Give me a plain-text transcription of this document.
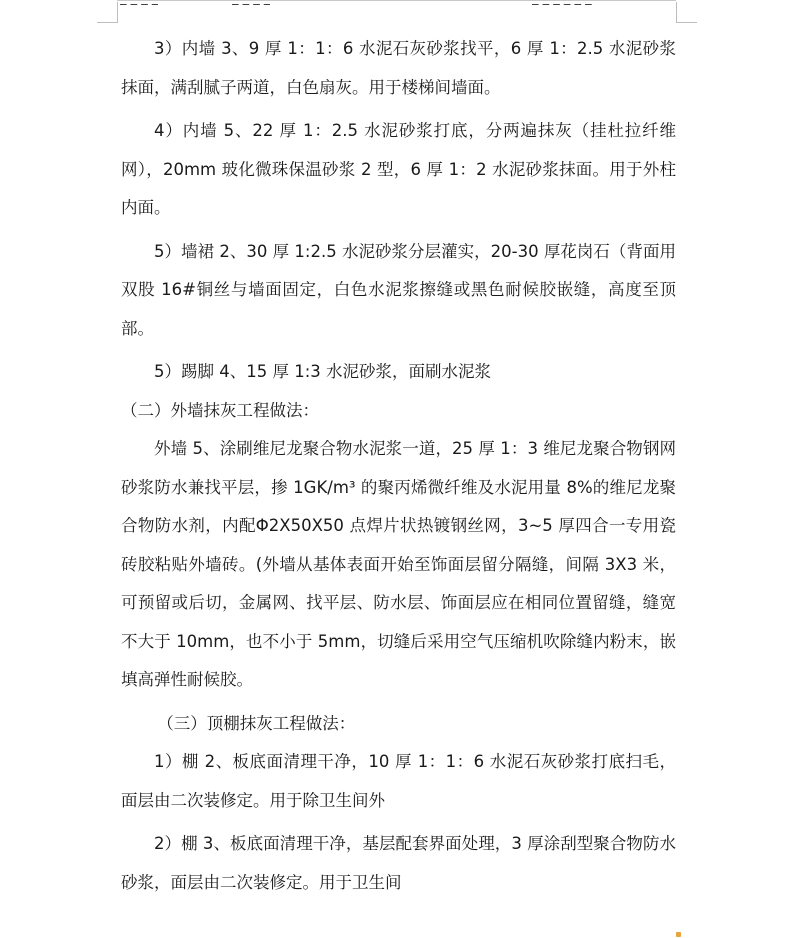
3）内墙 3、9 厚 1：1：6 水泥石灰砂浆找平，6 厚 1：2.5 水泥砂浆抹面，满刮腻子两道，白色扇灰。用于楼梯间墙面。

4）内墙 5、22 厚 1：2.5 水泥砂浆打底，分两遍抹灰（挂杜拉纤维网），20mm 玻化微珠保温砂浆 2 型，6 厚 1：2 水泥砂浆抹面。用于外柱内面。

5）墙裙 2、30 厚 1:2.5 水泥砂浆分层灌实，20-30 厚花岗石（背面用双股 16#铜丝与墙面固定，白色水泥浆擦缝或黑色耐候胶嵌缝，高度至顶部。

5）踢脚 4、15 厚 1:3 水泥砂浆，面刷水泥浆

（二）外墙抹灰工程做法：

外墙 5、涂刷维尼龙聚合物水泥浆一道，25 厚 1：3 维尼龙聚合物钢网砂浆防水兼找平层，掺 1GK/m³ 的聚丙烯微纤维及水泥用量 8%的维尼龙聚合物防水剂，内配Φ2X50X50 点焊片状热镀钢丝网，3~5 厚四合一专用瓷砖胶粘贴外墙砖。(外墙从基体表面开始至饰面层留分隔缝，间隔 3X3 米，可预留或后切，金属网、找平层、防水层、饰面层应在相同位置留缝，缝宽不大于 10mm，也不小于 5mm，切缝后采用空气压缩机吹除缝内粉末，嵌填高弹性耐候胶。

（三）顶棚抹灰工程做法：

1）棚 2、板底面清理干净，10 厚 1：1：6 水泥石灰砂浆打底扫毛，面层由二次装修定。用于除卫生间外

2）棚 3、板底面清理干净，基层配套界面处理，3 厚涂刮型聚合物防水砂浆，面层由二次装修定。用于卫生间
